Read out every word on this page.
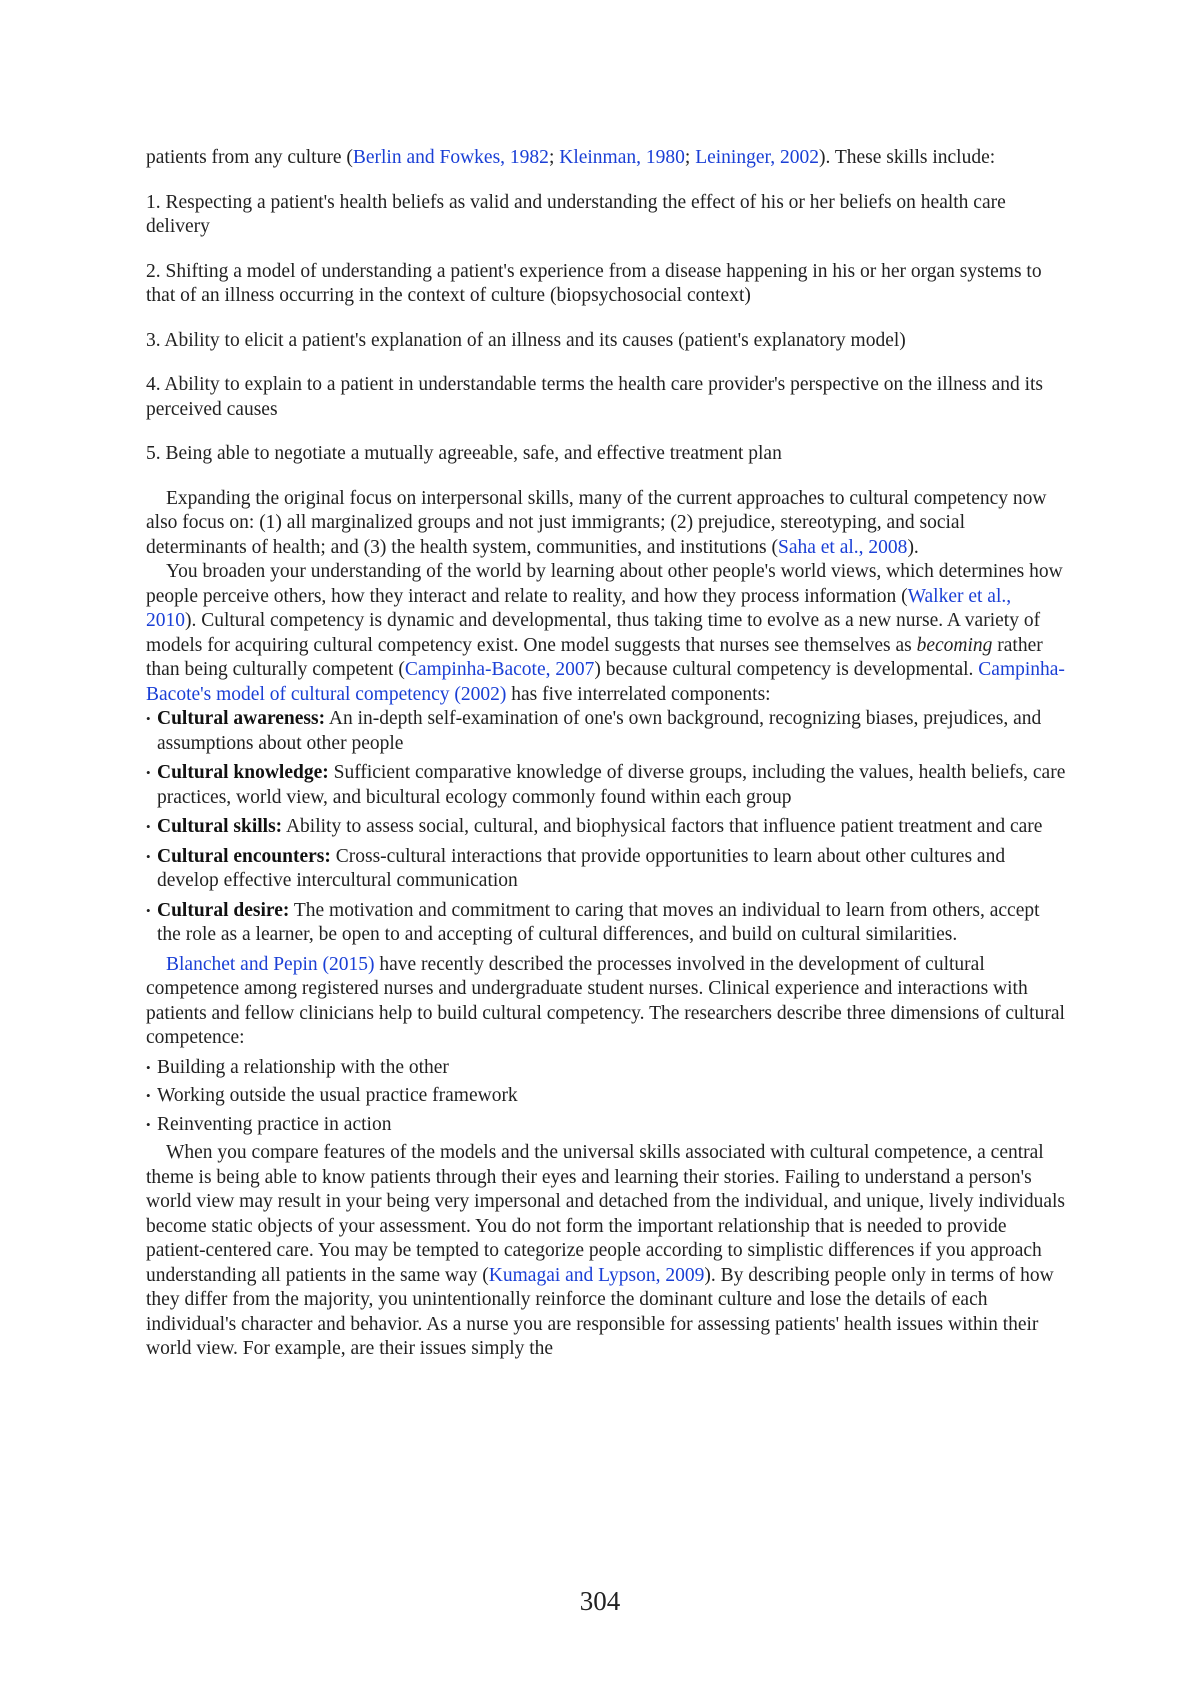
patients from any culture (Berlin and Fowkes, 1982; Kleinman, 1980; Leininger, 2002). These skills include:

1. Respecting a patient's health beliefs as valid and understanding the effect of his or her beliefs on health care delivery

2. Shifting a model of understanding a patient's experience from a disease happening in his or her organ systems to that of an illness occurring in the context of culture (biopsychosocial context)

3. Ability to elicit a patient's explanation of an illness and its causes (patient's explanatory model)

4. Ability to explain to a patient in understandable terms the health care provider's perspective on the illness and its perceived causes

5. Being able to negotiate a mutually agreeable, safe, and effective treatment plan

Expanding the original focus on interpersonal skills, many of the current approaches to cultural competency now also focus on: (1) all marginalized groups and not just immigrants; (2) prejudice, stereotyping, and social determinants of health; and (3) the health system, communities, and institutions (Saha et al., 2008).

You broaden your understanding of the world by learning about other people's world views, which determines how people perceive others, how they interact and relate to reality, and how they process information (Walker et al., 2010). Cultural competency is dynamic and developmental, thus taking time to evolve as a new nurse. A variety of models for acquiring cultural competency exist. One model suggests that nurses see themselves as becoming rather than being culturally competent (Campinha-Bacote, 2007) because cultural competency is developmental. Campinha-Bacote's model of cultural competency (2002) has five interrelated components:

• Cultural awareness: An in-depth self-examination of one's own background, recognizing biases, prejudices, and assumptions about other people
• Cultural knowledge: Sufficient comparative knowledge of diverse groups, including the values, health beliefs, care practices, world view, and bicultural ecology commonly found within each group
• Cultural skills: Ability to assess social, cultural, and biophysical factors that influence patient treatment and care
• Cultural encounters: Cross-cultural interactions that provide opportunities to learn about other cultures and develop effective intercultural communication
• Cultural desire: The motivation and commitment to caring that moves an individual to learn from others, accept the role as a learner, be open to and accepting of cultural differences, and build on cultural similarities.

Blanchet and Pepin (2015) have recently described the processes involved in the development of cultural competence among registered nurses and undergraduate student nurses. Clinical experience and interactions with patients and fellow clinicians help to build cultural competency. The researchers describe three dimensions of cultural competence:

• Building a relationship with the other
• Working outside the usual practice framework
• Reinventing practice in action

When you compare features of the models and the universal skills associated with cultural competence, a central theme is being able to know patients through their eyes and learning their stories. Failing to understand a person's world view may result in your being very impersonal and detached from the individual, and unique, lively individuals become static objects of your assessment. You do not form the important relationship that is needed to provide patient-centered care. You may be tempted to categorize people according to simplistic differences if you approach understanding all patients in the same way (Kumagai and Lypson, 2009). By describing people only in terms of how they differ from the majority, you unintentionally reinforce the dominant culture and lose the details of each individual's character and behavior. As a nurse you are responsible for assessing patients' health issues within their world view. For example, are their issues simply the

304
